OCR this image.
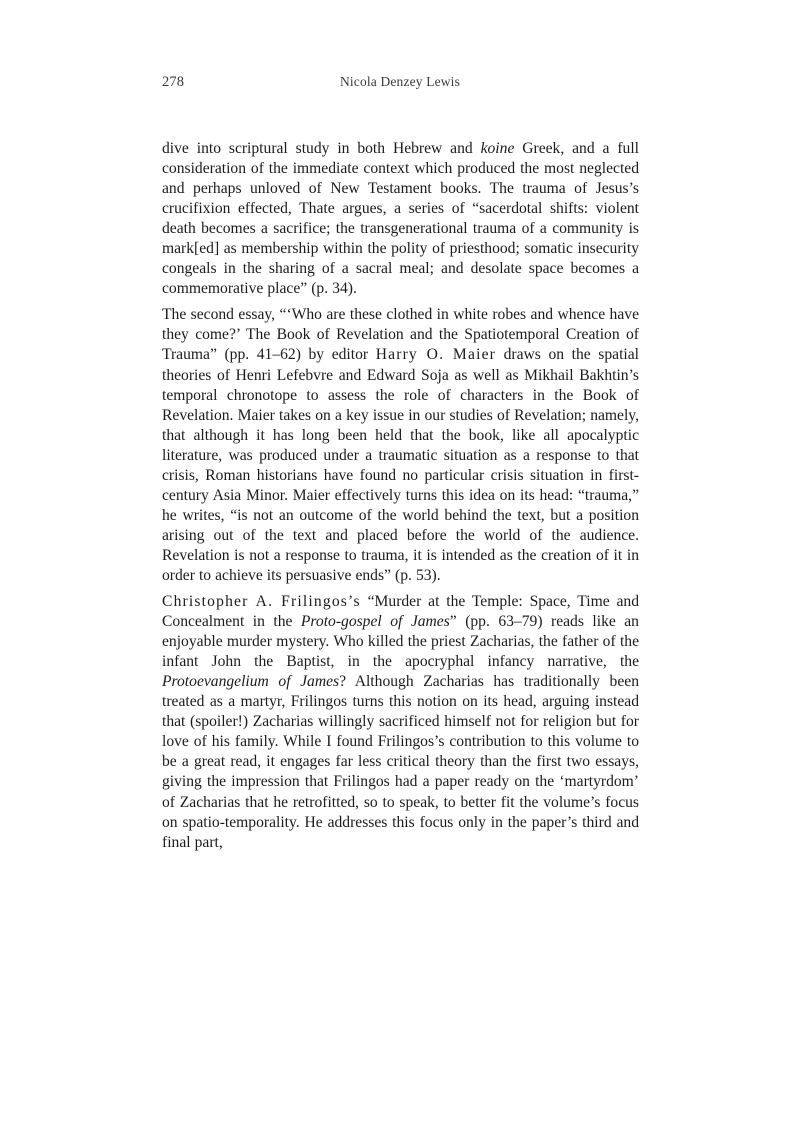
278	Nicola Denzey Lewis

dive into scriptural study in both Hebrew and koine Greek, and a full consideration of the immediate context which produced the most neglected and perhaps unloved of New Testament books. The trauma of Jesus’s crucifixion effected, Thate argues, a series of “sacerdotal shifts: violent death becomes a sacrifice; the transgenerational trauma of a community is mark[ed] as membership within the polity of priesthood; somatic insecurity congeals in the sharing of a sacral meal; and desolate space becomes a commemorative place” (p. 34).

The second essay, “‘Who are these clothed in white robes and whence have they come?’ The Book of Revelation and the Spatiotemporal Creation of Trauma” (pp. 41–62) by editor Harry O. Maier draws on the spatial theories of Henri Lefebvre and Edward Soja as well as Mikhail Bakhtin’s temporal chronotope to assess the role of characters in the Book of Revelation. Maier takes on a key issue in our studies of Revelation; namely, that although it has long been held that the book, like all apocalyptic literature, was produced under a traumatic situation as a response to that crisis, Roman historians have found no particular crisis situation in first-century Asia Minor. Maier effectively turns this idea on its head: “trauma,” he writes, “is not an outcome of the world behind the text, but a position arising out of the text and placed before the world of the audience. Revelation is not a response to trauma, it is intended as the creation of it in order to achieve its persuasive ends” (p. 53).

Christopher A. Frilingos’s “Murder at the Temple: Space, Time and Concealment in the Proto-gospel of James” (pp. 63–79) reads like an enjoyable murder mystery. Who killed the priest Zacharias, the father of the infant John the Baptist, in the apocryphal infancy narrative, the Protoevangelium of James? Although Zacharias has traditionally been treated as a martyr, Frilingos turns this notion on its head, arguing instead that (spoiler!) Zacharias willingly sacrificed himself not for religion but for love of his family. While I found Frilingos’s contribution to this volume to be a great read, it engages far less critical theory than the first two essays, giving the impression that Frilingos had a paper ready on the ‘martyrdom’ of Zacharias that he retrofitted, so to speak, to better fit the volume’s focus on spatio-temporality. He addresses this focus only in the paper’s third and final part,
